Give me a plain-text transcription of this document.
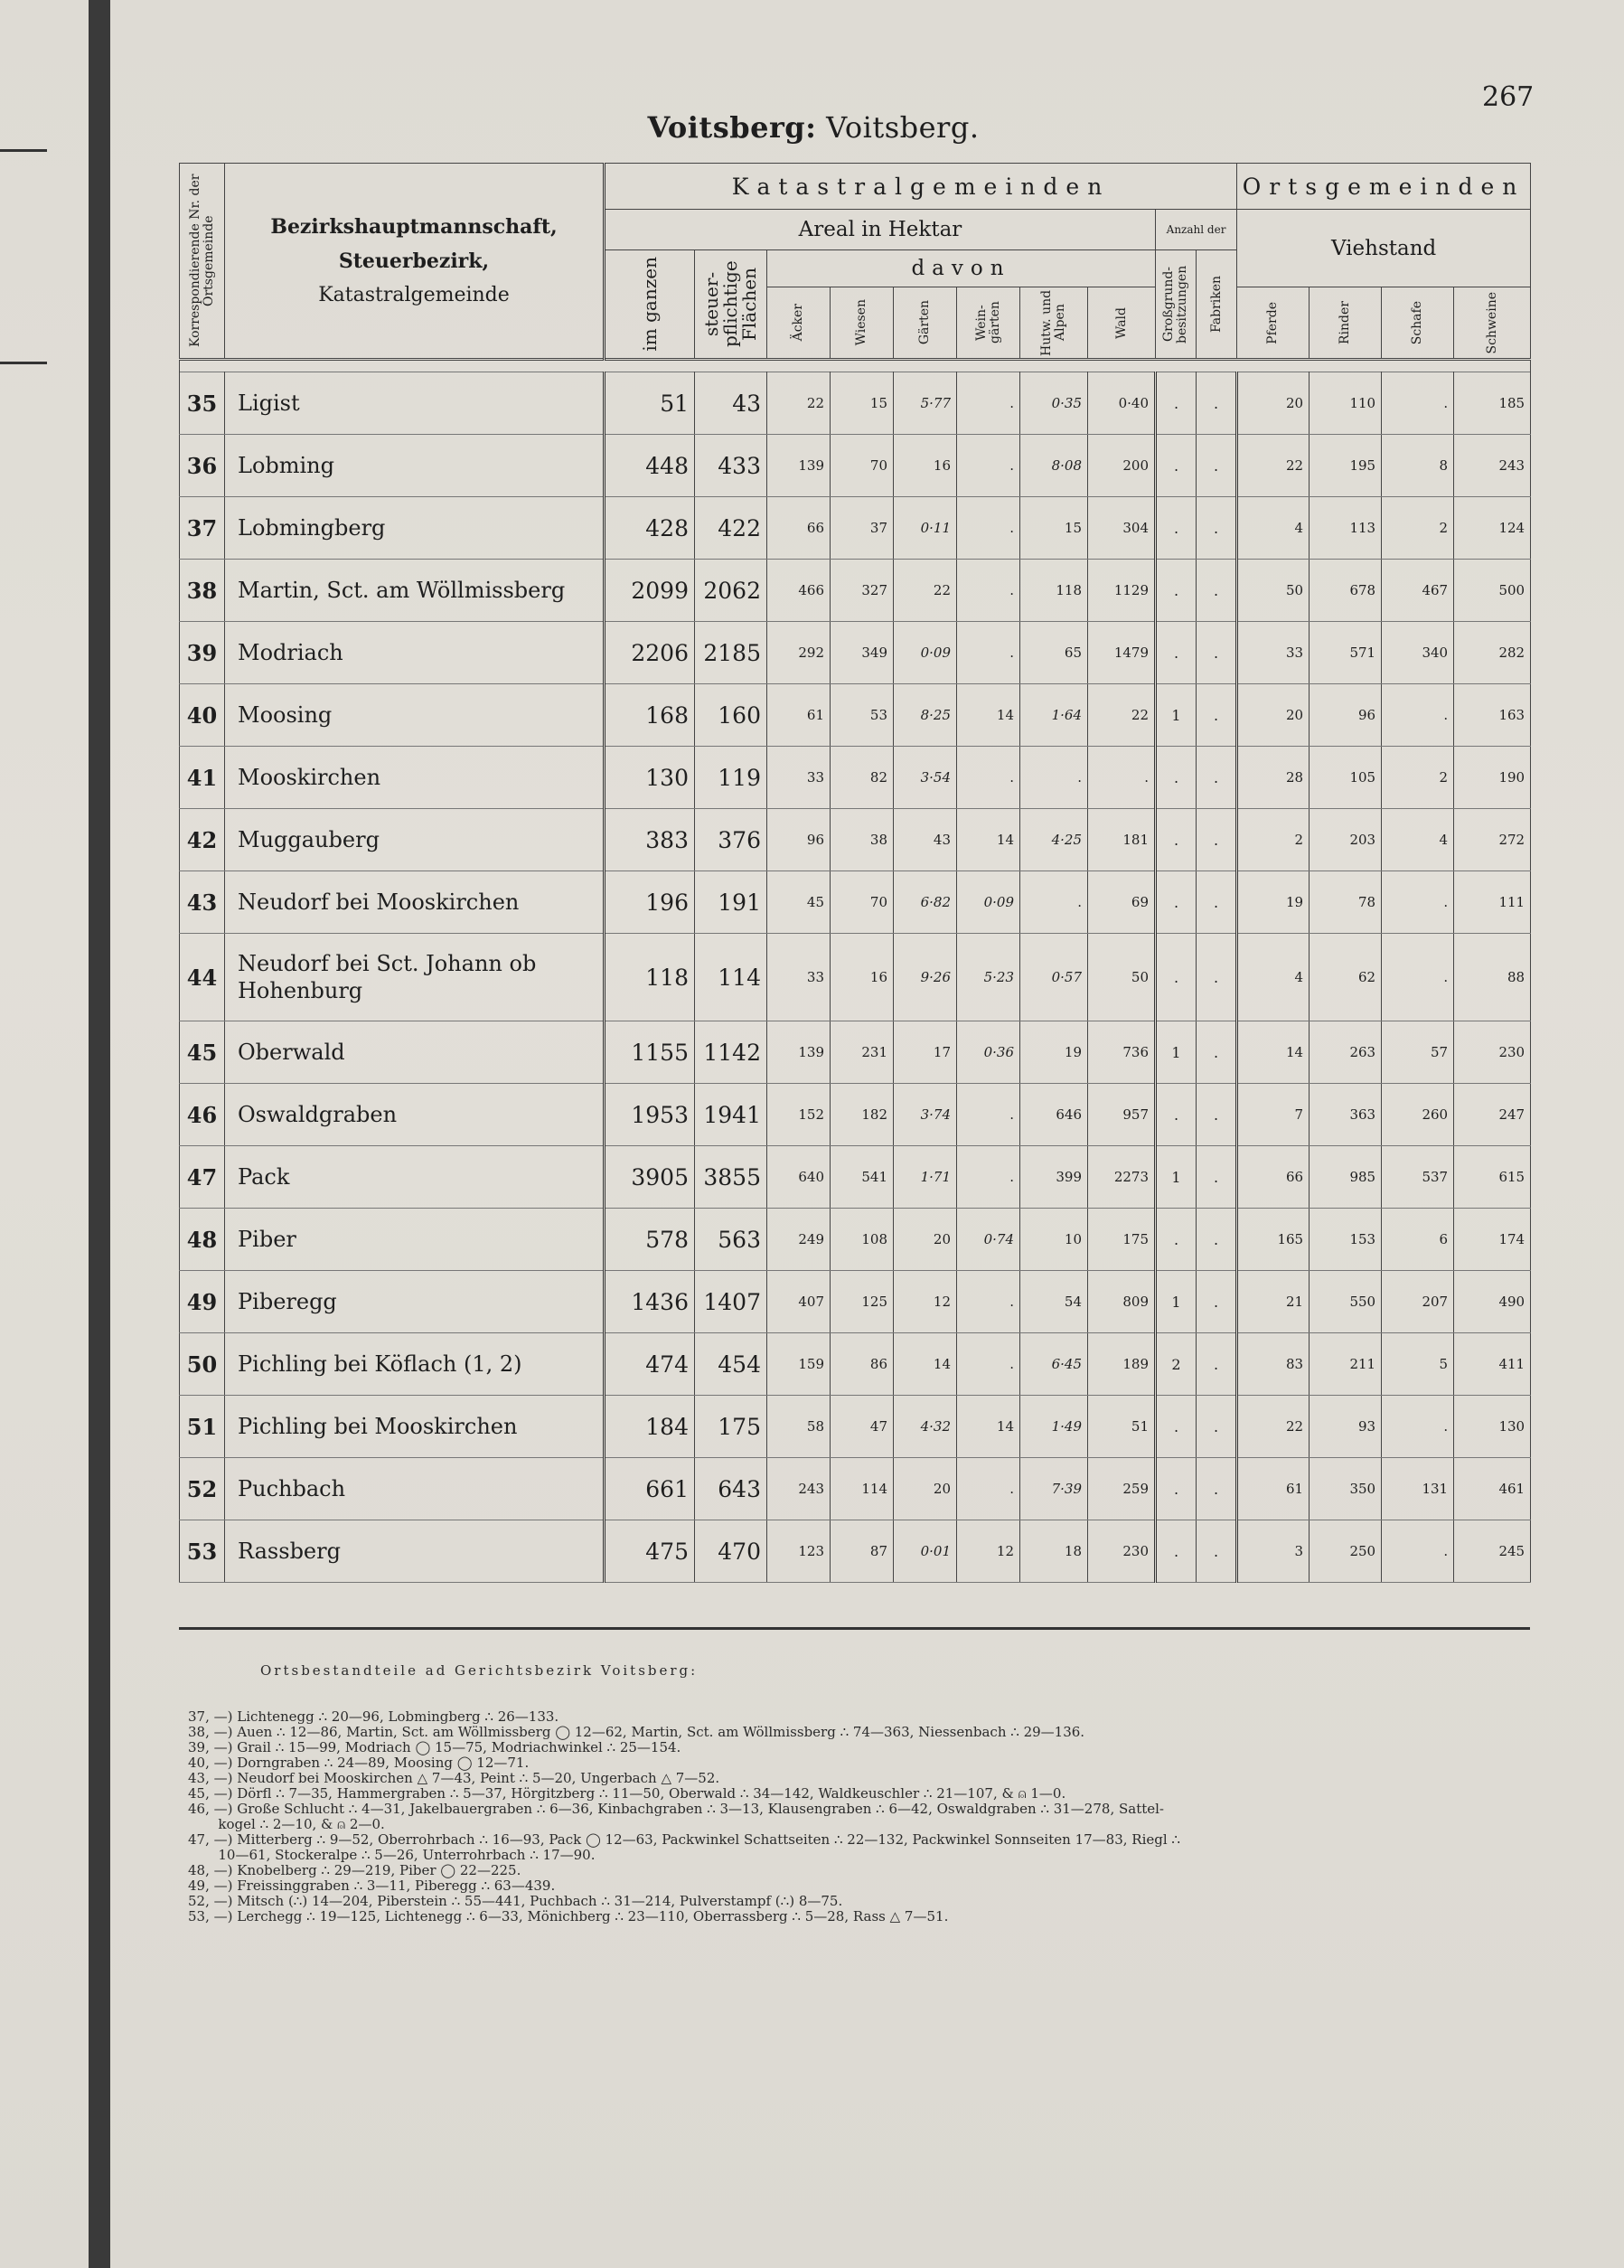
267
Voitsberg: Voitsberg.
Korrespondierende Nr. der Ortsgemeinde	Bezirkshauptmannschaft,
Steuerbezirk,
Katastralgemeinde	Katastralgemeinden										Ortsgemeinden			
		Areal in Hektar								Anzahl der		Viehstand			

		im ganzen	steuer-pflichtige Flächen	davon						Großgrund-besitzungen	Fabriken				

				Äcker	Wiesen	Gärten	Wein-gärten	Hutw. und Alpen	Wald			Pferde	Rinder	Schafe	Schweine

35	Ligist	51	43	22	15	5·77	.	0·35	0·40	.	.	20	110	.	185
36	Lobming	448	433	139	70	16	.	8·08	200	.	.	22	195	8	243
37	Lobmingberg	428	422	66	37	0·11	.	15	304	.	.	4	113	2	124
38	Martin, Sct. am Wöllmissberg	2099	2062	466	327	22	.	118	1129	.	.	50	678	467	500
39	Modriach	2206	2185	292	349	0·09	.	65	1479	.	.	33	571	340	282
40	Moosing	168	160	61	53	8·25	14	1·64	22	1	.	20	96	.	163
41	Mooskirchen	130	119	33	82	3·54	.	.	.	.	.	28	105	2	190
42	Muggauberg	383	376	96	38	43	14	4·25	181	.	.	2	203	4	272
43	Neudorf bei Mooskirchen	196	191	45	70	6·82	0·09	.	69	.	.	19	78	.	111
44	Neudorf bei Sct. Johann ob Hohenburg	118	114	33	16	9·26	5·23	0·57	50	.	.	4	62	.	88
45	Oberwald	1155	1142	139	231	17	0·36	19	736	1	.	14	263	57	230
46	Oswaldgraben	1953	1941	152	182	3·74	.	646	957	.	.	7	363	260	247
47	Pack	3905	3855	640	541	1·71	.	399	2273	1	.	66	985	537	615
48	Piber	578	563	249	108	20	0·74	10	175	.	.	165	153	6	174
49	Piberegg	1436	1407	407	125	12	.	54	809	1	.	21	550	207	490
50	Pichling bei Köflach (1, 2)	474	454	159	86	14	.	6·45	189	2	.	83	211	5	411
51	Pichling bei Mooskirchen	184	175	58	47	4·32	14	1·49	51	.	.	22	93	.	130
52	Puchbach	661	643	243	114	20	.	7·39	259	.	.	61	350	131	461
53	Rassberg	475	470	123	87	0·01	12	18	230	.	.	3	250	.	245
Ortsbestandteile ad Gerichtsbezirk Voitsberg:
37, —) Lichtenegg ∴ 20—96, Lobmingberg ∴ 26—133.
38, —) Auen ∴ 12—86, Martin, Sct. am Wöllmissberg ◯ 12—62, Martin, Sct. am Wöllmissberg ∴ 74—363, Niessenbach ∴ 29—136.
39, —) Grail ∴ 15—99, Modriach ◯ 15—75, Modriachwinkel ∴ 25—154.
40, —) Dorngraben ∴ 24—89, Moosing ◯ 12—71.
43, —) Neudorf bei Mooskirchen △ 7—43, Peint ∴ 5—20, Ungerbach △ 7—52.
45, —) Dörfl ∴ 7—35, Hammergraben ∴ 5—37, Hörgitzberg ∴ 11—50, Oberwald ∴ 34—142, Waldkeuschler ∴ 21—107, & ⍝ 1—0.
46, —) Große Schlucht ∴ 4—31, Jakelbauergraben ∴ 6—36, Kinbachgraben ∴ 3—13, Klausengraben ∴ 6—42, Oswaldgraben ∴ 31—278, Sattel-
kogel ∴ 2—10, & ⍝ 2—0.
47, —) Mitterberg ∴ 9—52, Oberrohrbach ∴ 16—93, Pack ◯ 12—63, Packwinkel Schattseiten ∴ 22—132, Packwinkel Sonnseiten 17—83, Riegl ∴
10—61, Stockeralpe ∴ 5—26, Unterrohrbach ∴ 17—90.
48, —) Knobelberg ∴ 29—219, Piber ◯ 22—225.
49, —) Freissinggraben ∴ 3—11, Piberegg ∴ 63—439.
52, —) Mitsch (∴) 14—204, Piberstein ∴ 55—441, Puchbach ∴ 31—214, Pulverstampf (∴) 8—75.
53, —) Lerchegg ∴ 19—125, Lichtenegg ∴ 6—33, Mönichberg ∴ 23—110, Oberrassberg ∴ 5—28, Rass △ 7—51.
